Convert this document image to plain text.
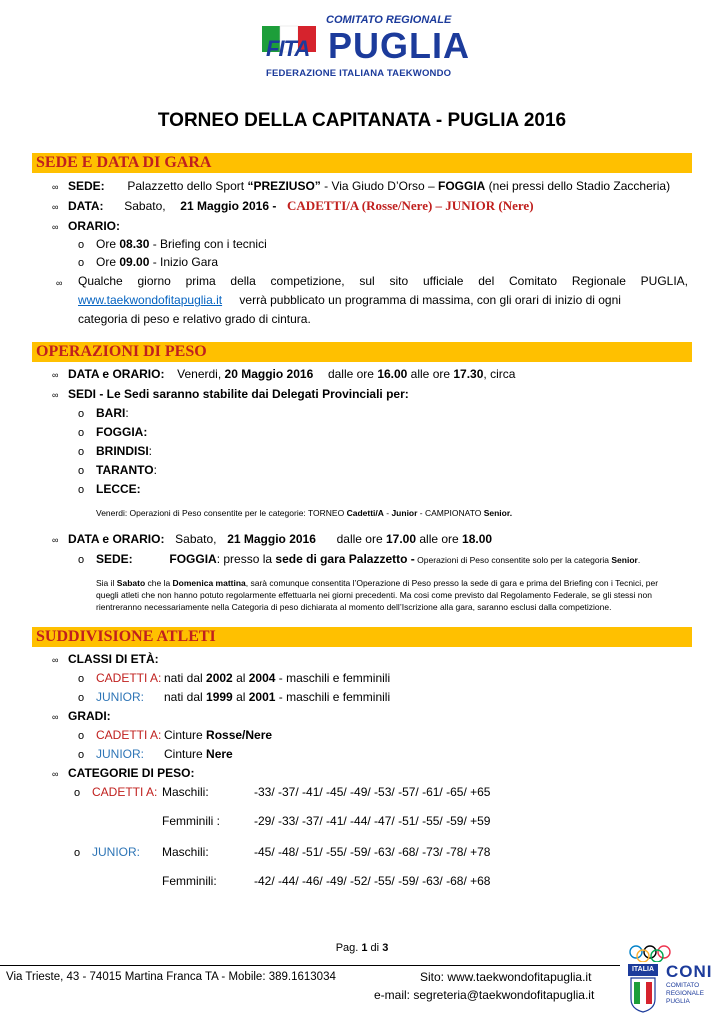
COMITATO REGIONALE
FITA PUGLIA
FEDERAZIONE ITALIANA TAEKWONDO
TORNEO DELLA CAPITANATA - PUGLIA 2016
SEDE E DATA DI GARA
∞ SEDE: Palazzetto dello Sport “PREZIUSO” - Via Giudo D’Orso – FOGGIA (nei pressi dello Stadio Zaccheria)
∞ DATA: Sabato, 21 Maggio 2016 - CADETTI/A (Rosse/Nere) – JUNIOR (Nere)
∞ ORARIO:
o Ore 08.30 - Briefing con i tecnici
o Ore 09.00 - Inizio Gara
∞	Qualche giorno prima della competizione, sul sito ufficiale del Comitato Regionale PUGLIA,
www.taekwondofitapuglia.it verrà pubblicato un programma di massima, con gli orari di inizio di ogni
categoria di peso e relativo grado di cintura.
OPERAZIONI DI PESO
∞ DATA e ORARIO: Venerdi, 20 Maggio 2016 dalle ore 16.00 alle ore 17.30, circa
∞ SEDI - Le Sedi saranno stabilite dai Delegati Provinciali per:
o BARI:
o FOGGIA:
o BRINDISI:
o TARANTO:
o LECCE:
Venerdi: Operazioni di Peso consentite per le categorie: TORNEO Cadetti/A - Junior - CAMPIONATO Senior.
∞ DATA e ORARIO: Sabato, 21 Maggio 2016 dalle ore 17.00 alle ore 18.00
o SEDE:	FOGGIA: presso la sede di gara Palazzetto - Operazioni di Peso consentite solo per la categoria Senior.
Sia il Sabato che la Domenica mattina, sarà comunque consentita l’Operazione di Peso presso la sede di gara e prima del Briefing con i Tecnici, per
quegli atleti che non hanno potuto regolarmente effettuarla nei giorni precedenti. Ma cosi come previsto dal Regolamento Federale, se gli stessi non
rientreranno necessariamente nella Categoria di peso dichiarata al momento dell’Iscrizione alla gara, saranno esclusi dalla competizione.
SUDDIVISIONE ATLETI
∞ CLASSI DI ETÀ:
o CADETTI A: nati dal 2002 al 2004 - maschili e femminili
o JUNIOR: nati dal 1999 al 2001 - maschili e femminili
∞ GRADI:
o CADETTI A: Cinture Rosse/Nere
o JUNIOR: Cinture Nere
∞ CATEGORIE DI PESO:
o CADETTI A: Maschili:	-33/ -37/ -41/ -45/ -49/ -53/ -57/ -61/ -65/ +65
Femminili :	-29/ -33/ -37/ -41/ -44/ -47/ -51/ -55/ -59/ +59
o JUNIOR: Maschili:	-45/ -48/ -51/ -55/ -59/ -63/ -68/ -73/ -78/ +78
Femminili:	-42/ -44/ -46/ -49/ -52/ -55/ -59/ -63/ -68/ +68
Pag. 1 di 3
Via Trieste, 43 - 74015 Martina Franca TA - Mobile: 389.1613034	Sito: www.taekwondofitapuglia.it
e-mail: segreteria@taekwondofitapuglia.it
ITALIA CONI
COMITATO
REGIONALE
PUGLIA
